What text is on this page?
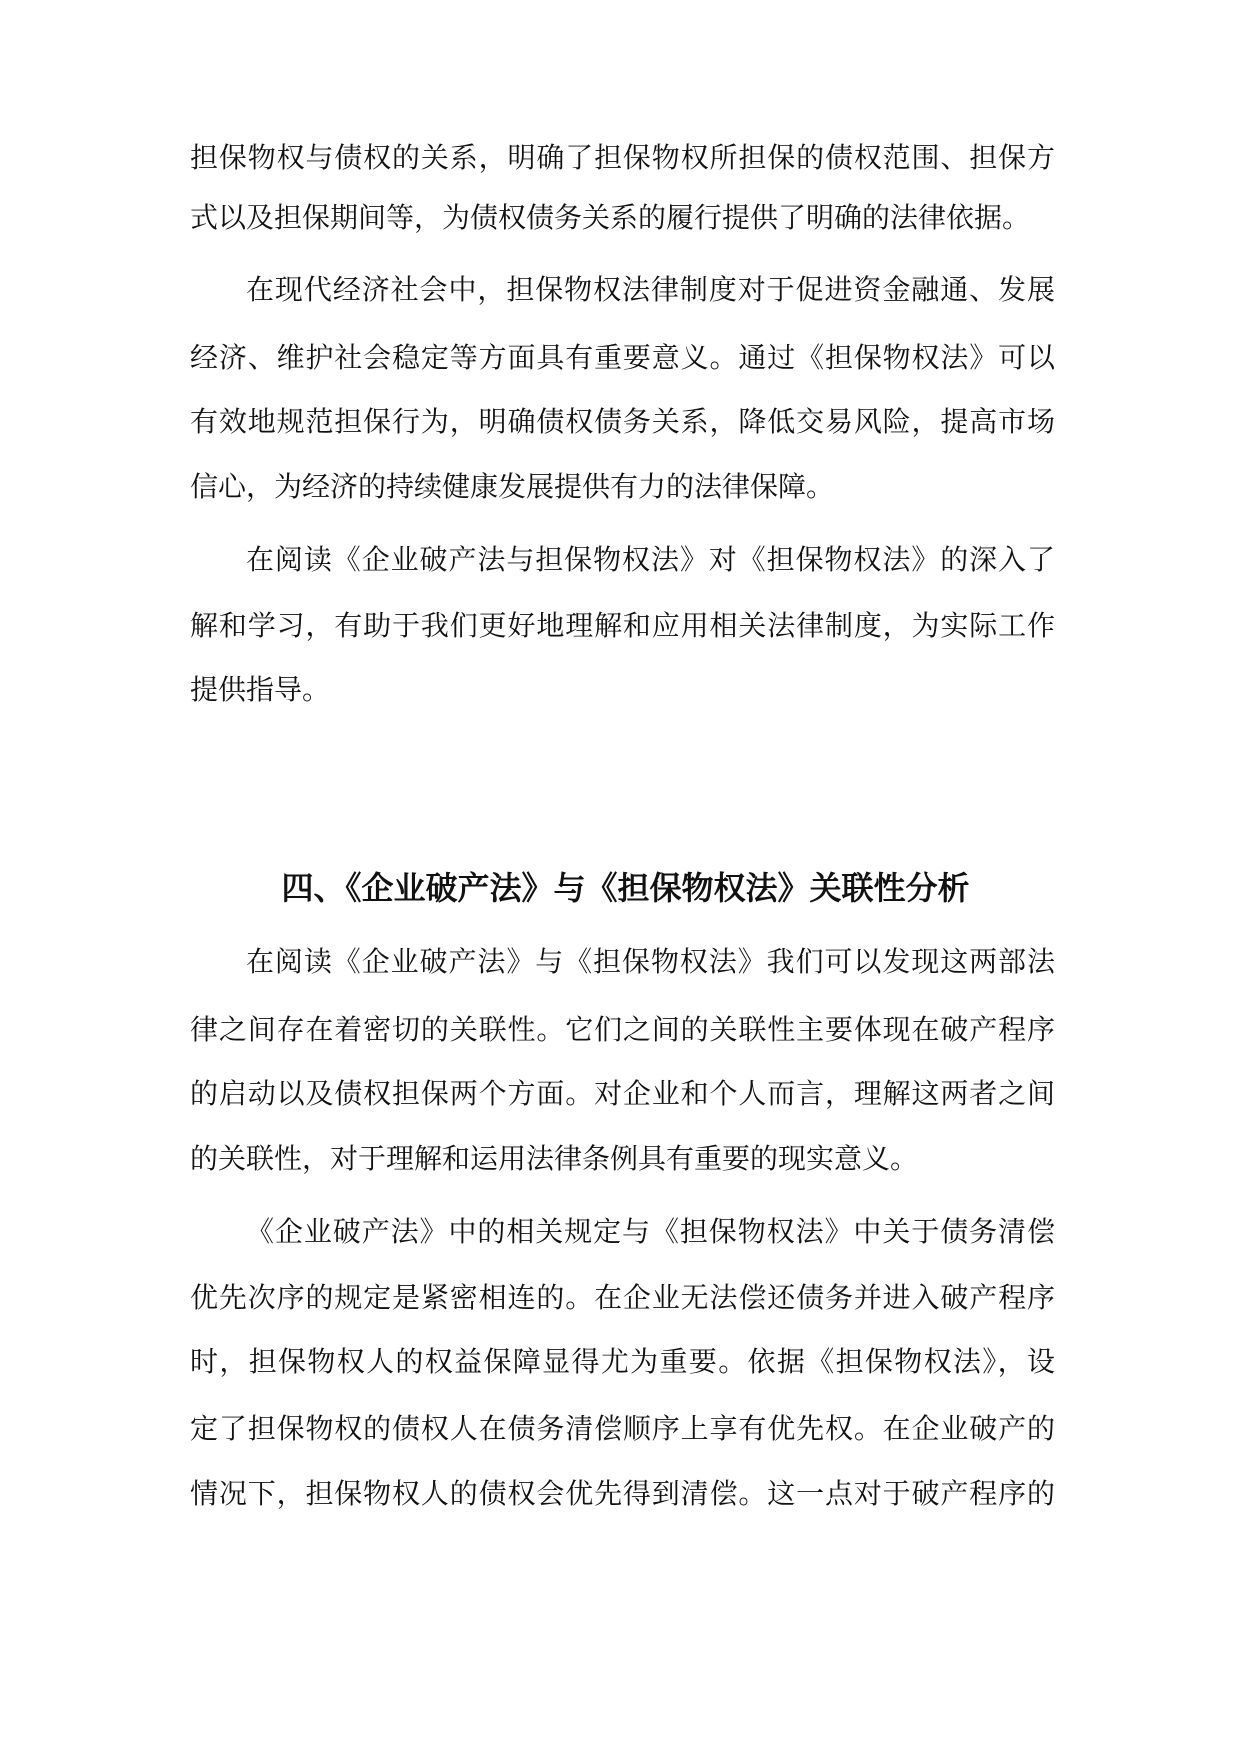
担保物权与债权的关系，明确了担保物权所担保的债权范围、担保方
式以及担保期间等，为债权债务关系的履行提供了明确的法律依据。
在现代经济社会中，担保物权法律制度对于促进资金融通、发展
经济、维护社会稳定等方面具有重要意义。通过《担保物权法》可以
有效地规范担保行为，明确债权债务关系，降低交易风险，提高市场
信心，为经济的持续健康发展提供有力的法律保障。
在阅读《企业破产法与担保物权法》对《担保物权法》的深入了
解和学习，有助于我们更好地理解和应用相关法律制度，为实际工作
提供指导。
四、《企业破产法》与《担保物权法》关联性分析
在阅读《企业破产法》与《担保物权法》我们可以发现这两部法
律之间存在着密切的关联性。它们之间的关联性主要体现在破产程序
的启动以及债权担保两个方面。对企业和个人而言，理解这两者之间
的关联性，对于理解和运用法律条例具有重要的现实意义。
《企业破产法》中的相关规定与《担保物权法》中关于债务清偿
优先次序的规定是紧密相连的。在企业无法偿还债务并进入破产程序
时，担保物权人的权益保障显得尤为重要。依据《担保物权法》，设
定了担保物权的债权人在债务清偿顺序上享有优先权。在企业破产的
情况下，担保物权人的债权会优先得到清偿。这一点对于破产程序的
